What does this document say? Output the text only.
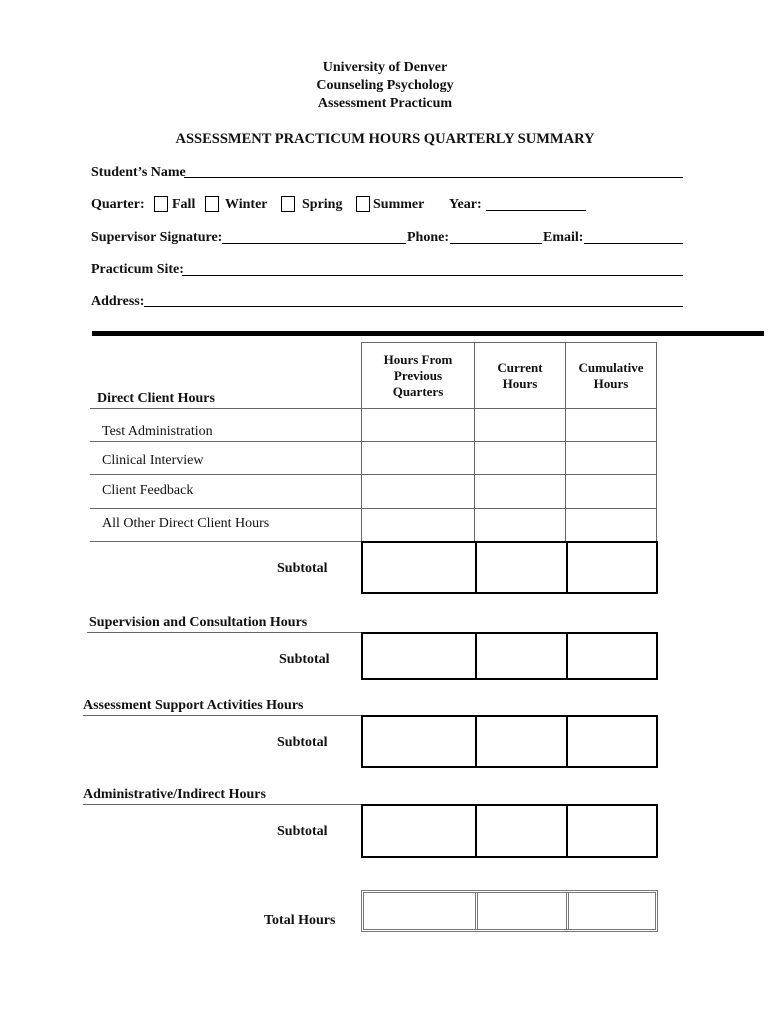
University of Denver
Counseling Psychology
Assessment Practicum
ASSESSMENT PRACTICUM HOURS QUARTERLY SUMMARY
Student’s Name
Quarter: Fall Winter Spring Summer Year:
Supervisor Signature:	Phone:	Email:
Practicum Site:
Address:
Hours From
Previous
Quarters
Current
Hours
Cumulative
Hours
Direct Client Hours
Test Administration
Clinical Interview
Client Feedback
All Other Direct Client Hours
Subtotal
Supervision and Consultation Hours
Subtotal
Assessment Support Activities Hours
Subtotal
Administrative/Indirect Hours
Subtotal
Total Hours
